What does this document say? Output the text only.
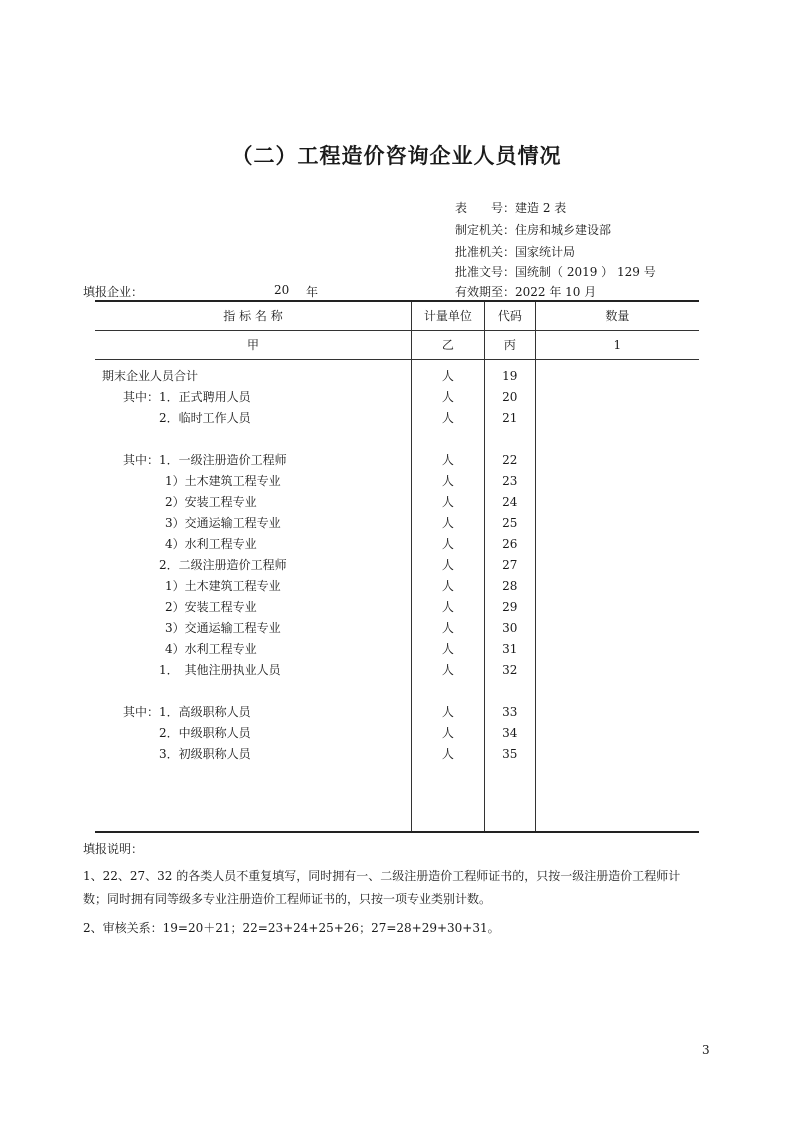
（二）工程造价咨询企业人员情况
表　　号：建造 2 表
制定机关：住房和城乡建设部
批准机关：国家统计局
批准文号：国统制（ 2019 ） 129 号
有效期至：2022 年 10 月
填报企业：	20 年
指 标 名 称	计量单位	代码	数量
甲	乙	丙	1

期末企业人员合计	人	19	
其中：1．正式聘用人员	人	20	
2．临时工作人员	人	21	

其中：1．一级注册造价工程师	人	22	
1）土木建筑工程专业	人	23	
2）安装工程专业	人	24	
3）交通运输工程专业	人	25	
4）水利工程专业	人	26	
2．二级注册造价工程师	人	27	
1）土木建筑工程专业	人	28	
2）安装工程专业	人	29	
3）交通运输工程专业	人	30	
4）水利工程专业	人	31	
1．　其他注册执业人员	人	32	

其中：1．高级职称人员	人	33	
2．中级职称人员	人	34	
3．初级职称人员	人	35	

填报说明：
1、22、27、32 的各类人员不重复填写，同时拥有一、二级注册造价工程师证书的，只按一级注册造价工程师计数；同时拥有同等级多专业注册造价工程师证书的，只按一项专业类别计数。
2、审核关系：19=20＋21；22=23+24+25+26；27=28+29+30+31。
3
